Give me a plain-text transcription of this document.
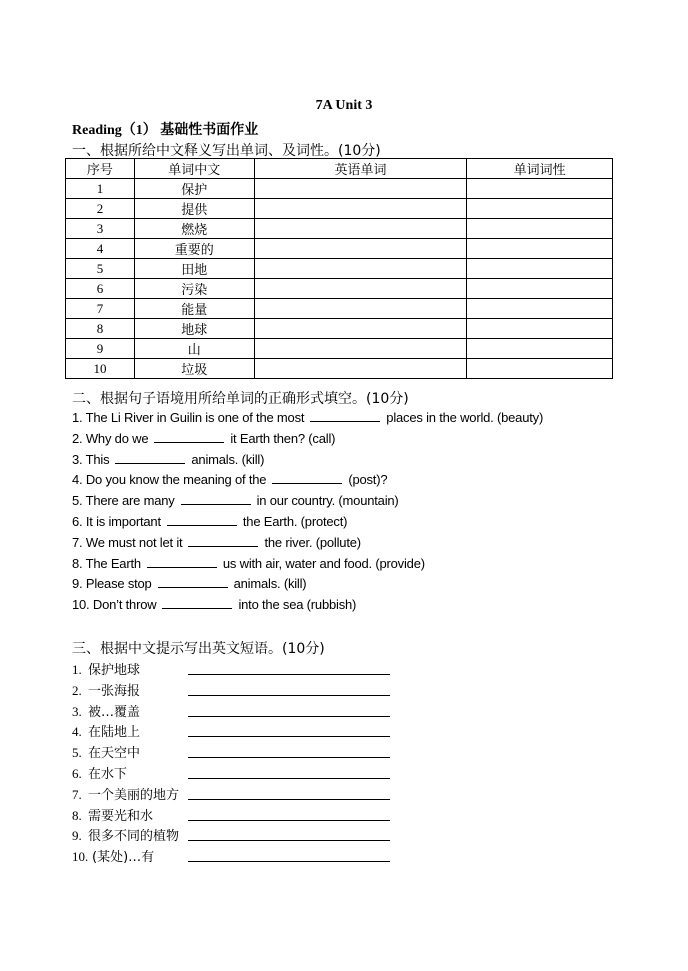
7A Unit 3
Reading（1） 基础性书面作业
一、根据所给中文释义写出单词、及词性。(10分)
序号	单词中文	英语单词	单词词性
1	保护		
2	提供		
3	燃烧		
4	重要的		
5	田地		
6	污染		
7	能量		
8	地球		
9	山		
10	垃圾		
二、根据句子语境用所给单词的正确形式填空。(10分)
1. The Li River in Guilin is one of the most	places in the world. (beauty)
2. Why do we	it Earth then? (call)
3. This	animals. (kill)
4. Do you know the meaning of the	(post)?
5. There are many	in our country. (mountain)
6. It is important	the Earth. (protect)
7. We must not let it	the river. (pollute)
8. The Earth	us with air, water and food. (provide)
9. Please stop	animals. (kill)
10. Don’t throw	into the sea (rubbish)
三、根据中文提示写出英文短语。(10分)
1. 保护地球
2. 一张海报
3. 被…覆盖
4. 在陆地上
5. 在天空中
6. 在水下
7. 一个美丽的地方
8. 需要光和水
9. 很多不同的植物
10. (某处)…有
